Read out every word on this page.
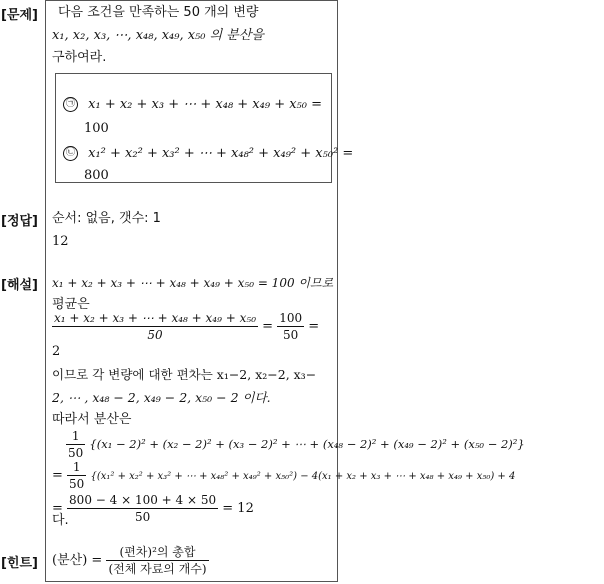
[문제]
[정답]
[해설]
[힌트]
다음 조건을 만족하는 50 개의 변량
x₁, x₂, x₃, ⋯, x₄₈, x₄₉, x₅₀ 의 분산을
구하여라.
㉠ x₁ + x₂ + x₃ + ⋯ + x₄₈ + x₄₉ + x₅₀ =
100
㉡ x₁² + x₂² + x₃² + ⋯ + x₄₈² + x₄₉² + x₅₀² =
800
순서: 없음, 갯수: 1
12
x₁ + x₂ + x₃ + ⋯ + x₄₈ + x₄₉ + x₅₀ = 100 이므로
평균은
$\frac{\text{x₁ + x₂ + x₃ + ⋯ + x₄₈ + x₄₉ + x₅₀}}{50} = \frac{100}{50}$ =
2
이므로 각 변량에 대한 편차는 x₁−2, x₂−2, x₃−
2, ⋯ , x₄₈ − 2, x₄₉ − 2, x₅₀ − 2 이다.
따라서 분산은
$\frac{1}{50} \{(x_1 - 2)^2 + (x_2 - 2)^2 + (x_3 - 2)^2$ + ⋯ + (x₄₈ − 2)² + (x₄₉ − 2)² + (x₅₀ − 2)²}
= $\frac{1}{50} \{(x_1^2 + x_2^2 + x_3^2$ + ⋯ + x₄₈² + x₄₉² + x₅₀²) − 4(x₁ + x₂ + x₃ + ⋯ + x₄₈ + x₄₉ + x₅₀) + 4
= $\frac{800 - 4 \times 100 + 4 \times 50}{50} = 12$
다.
(분산) = $\frac{\text{(편차)²의 총합}}{\text{(전체 자료의 개수)}}$
